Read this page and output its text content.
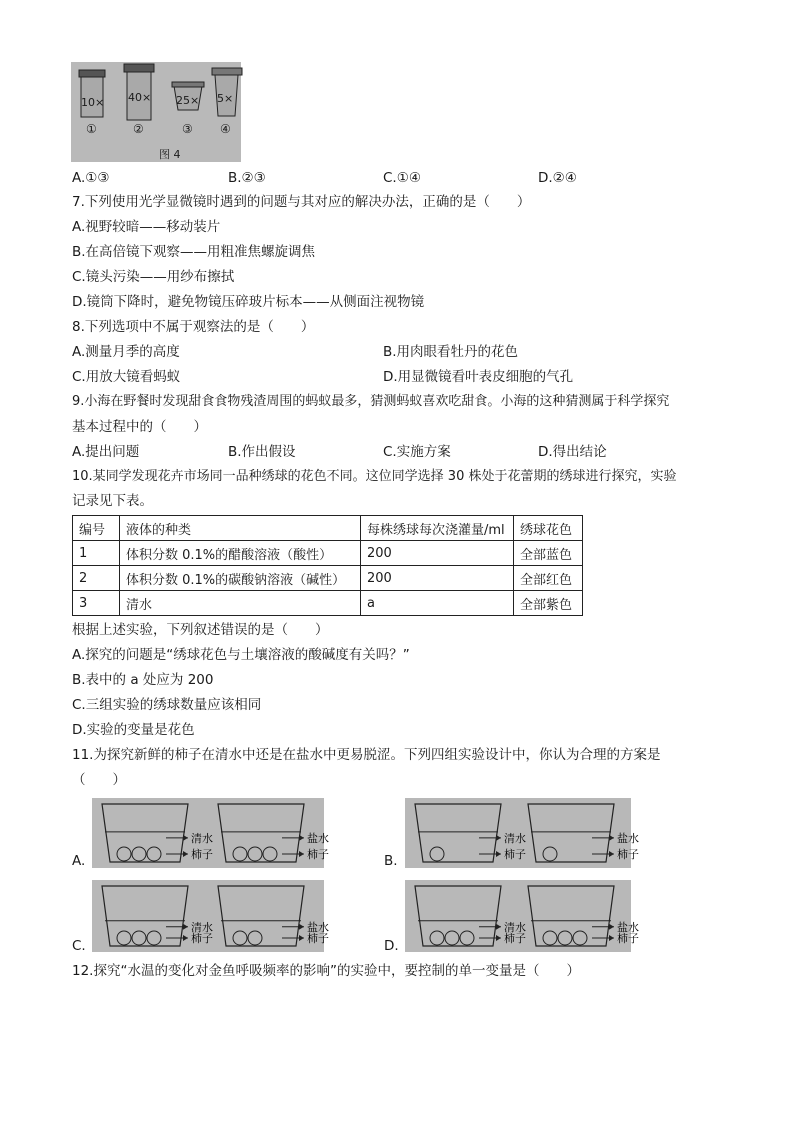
10× 40× 25× 5×
①	②	③ ④
图 4
A.①③	B.②③	C.①④	D.②④
7.下列使用光学显微镜时遇到的问题与其对应的解决办法，正确的是（　　）
A.视野较暗——移动装片
B.在高倍镜下观察——用粗准焦螺旋调焦
C.镜头污染——用纱布擦拭
D.镜筒下降时，避免物镜压碎玻片标本——从侧面注视物镜
8.下列选项中不属于观察法的是（　　）
A.测量月季的高度	B.用肉眼看牡丹的花色
C.用放大镜看蚂蚁	D.用显微镜看叶表皮细胞的气孔
9.小海在野餐时发现甜食食物残渣周围的蚂蚁最多，猜测蚂蚁喜欢吃甜食。小海的这种猜测属于科学探究
基本过程中的（　　）
A.提出问题	B.作出假设	C.实施方案	D.得出结论
10.某同学发现花卉市场同一品种绣球的花色不同。这位同学选择 30 株处于花蕾期的绣球进行探究，实验
记录见下表。
编号	液体的种类	每株绣球每次浇灌量/ml	绣球花色
1	体积分数 0.1%的醋酸溶液（酸性）	200	全部蓝色
2	体积分数 0.1%的碳酸钠溶液（碱性）	200	全部红色
3	清水	a	全部紫色
根据上述实验，下列叙述错误的是（　　）
A.探究的问题是“绣球花色与土壤溶液的酸碱度有关吗？”
B.表中的 a 处应为 200
C.三组实验的绣球数量应该相同
D.实验的变量是花色
11.为探究新鲜的柿子在清水中还是在盐水中更易脱涩。下列四组实验设计中，你认为合理的方案是
（　　）
A.	B.
C.	D.
清水
柿子
盐水
柿子
清水
柿子
盐水
柿子
清水
柿子
盐水
柿子
清水
柿子
盐水
柿子
12.探究“水温的变化对金鱼呼吸频率的影响”的实验中，要控制的单一变量是（　　）
